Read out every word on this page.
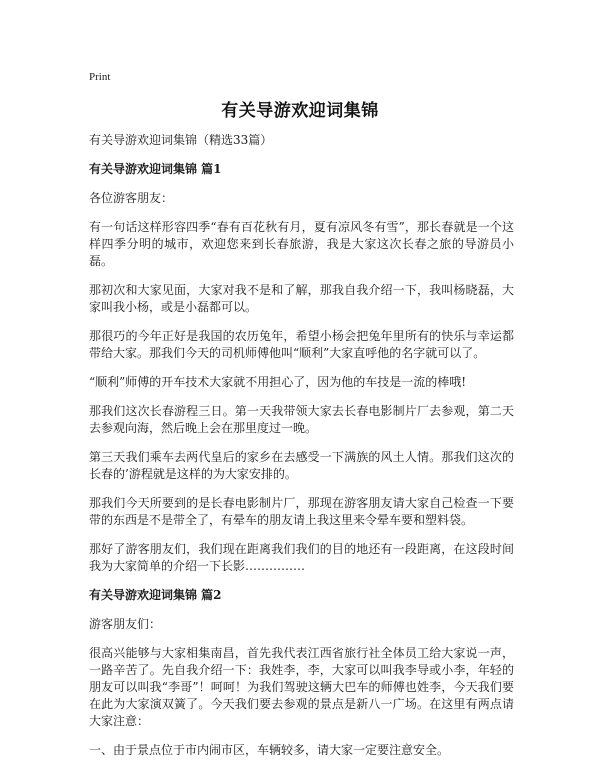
Print
有关导游欢迎词集锦
有关导游欢迎词集锦（精选33篇）
有关导游欢迎词集锦 篇1
各位游客朋友：
有一句话这样形容四季“春有百花秋有月，夏有凉风冬有雪”，那长春就是一个这样四季分明的城市，欢迎您来到长春旅游，我是大家这次长春之旅的导游员小磊。
那初次和大家见面，大家对我不是和了解，那我自我介绍一下，我叫杨晓磊，大家叫我小杨，或是小磊都可以。
那很巧的今年正好是我国的农历兔年，希望小杨会把兔年里所有的快乐与幸运都带给大家。那我们今天的司机师傅他叫“顺利”大家直呼他的名字就可以了。
“顺利”师傅的开车技术大家就不用担心了，因为他的车技是一流的棒哦!
那我们这次长春游程三日。第一天我带领大家去长春电影制片厂去参观，第二天去参观向海，然后晚上会在那里度过一晚。
第三天我们乘车去两代皇后的家乡在去感受一下满族的风土人情。那我们这次的长春的’游程就是这样的为大家安排的。
那我们今天所要到的是长春电影制片厂，那现在游客朋友请大家自己检查一下要带的东西是不是带全了，有晕车的朋友请上我这里来令晕车要和塑料袋。
那好了游客朋友们，我们现在距离我们我们的目的地还有一段距离，在这段时间我为大家简单的介绍一下长影……………
有关导游欢迎词集锦 篇2
游客朋友们：
很高兴能够与大家相集南昌，首先我代表江西省旅行社全体员工给大家说一声，一路辛苦了。先自我介绍一下：我姓李，李，大家可以叫我李导或小李，年轻的朋友可以叫我“李哥”！呵呵！为我们驾驶这辆大巴车的师傅也姓李，今天我们要在此为大家演双簧了。今天我们要去参观的景点是新八一广场。在这里有两点请大家注意：
一、由于景点位于市内闹市区，车辆较多，请大家一定要注意安全。
